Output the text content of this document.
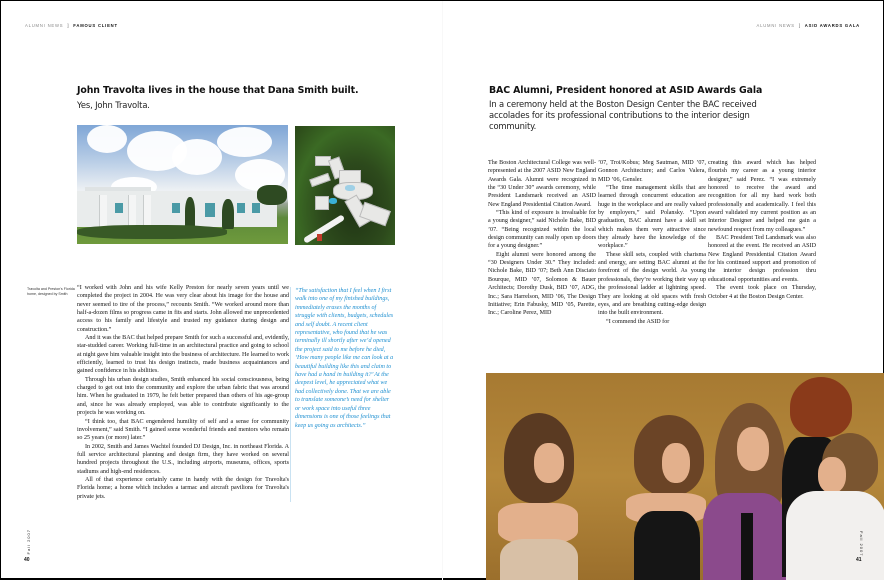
ALUMNI NEWS ] FAMOUS CLIENT
John Travolta lives in the house that Dana Smith built.
Yes, John Travolta.
Travolta and Preston's Florida home, designed by Smith

“I worked with John and his wife Kelly Preston for nearly seven years until we completed the project in 2004. He was very clear about his image for the house and never seemed to tire of the process,” recounts Smith. “We worked around more than half-a-dozen films so progress came in fits and starts. John allowed me unprecedented access to his family and lifestyle and trusted my guidance during design and construction.”

And it was the BAC that helped prepare Smith for such a successful and, evidently, star-studded career. Working full-time in an architectural practice and going to school at night gave him valuable insight into the business of architecture. He learned to work efficiently, learned to trust his design instincts, made business acquaintances and gained confidence in his abilities.

Through his urban design studies, Smith enhanced his social consciousness, being charged to get out into the community and explore the urban fabric that was around him. When he graduated in 1979, he felt better prepared than others of his age-group and, since he was already employed, was able to contribute significantly to the projects he was working on.

“I think too, that BAC engendered humility of self and a sense for community involvement,” said Smith. “I gained some wonderful friends and mentors who remain so 25 years (or more) later.”

In 2002, Smith and James Wachtel founded DJ Design, Inc. in northeast Florida. A full service architectural planning and design firm, they have worked on several hundred projects throughout the U.S., including airports, museums, offices, sports stadiums and high-end residences.

All of that experience certainly came in handy with the design for Travolta's Florida home; a home which includes a tarmac and aircraft pavilions for Travolta's private jets.

“The satisfaction that I feel when I first walk into one of my finished buildings, immediately erases the months of struggle with clients, budgets, schedules and self doubt. A recent client representative, who found that he was terminally ill shortly after we’d opened the project said to me before he died, ‘How many people like me can look at a beautiful building like this and claim to have had a hand in building it?’ At the deepest level, he appreciated what we had collectively done. That we are able to translate someone’s need for shelter or work space into useful three dimensions is one of those feelings that keep us going as architects.”
Fall 2007
40
ALUMNI NEWS ] ASID AWARDS GALA
BAC Alumni, President honored at ASID Awards Gala
In a ceremony held at the Boston Design Center the BAC received accolades for its professional contributions to the interior design community.

The Boston Architectural College was well-represented at the 2007 ASID New England Awards Gala. Alumni were recognized in the “30 Under 30” awards ceremony, while President Landsmark received an ASID New England Presidential Citation Award.

“This kind of exposure is invaluable for a young designer,” said Nichole Bake, BID ’07. “Being recognized within the local design community can really open up doors for a young designer.”

Eight alumni were honored among the “30 Designers Under 30.” They included: Nichole Bake, BID ’07; Beth Ann Disciato Bourque, MID ’07, Solomon & Bauer Architects; Dorothy Dusk, BID ’07, ADG, Inc.; Sara Harrelson, MID ’06, The Design Initiative; Erin Fabusky, MID ’05, Parette, Inc.; Caroline Perez, MID

’07, Troi/Kobus; Meg Sautman, MID ’07, Gonnon Architecture; and Carlos Valera, MID ’06, Gensler.

“The time management skills that are learned through concurrent education are huge in the workplace and are really valued by employers,” said Polansky. “Upon graduation, BAC alumni have a skill set which makes them very attractive since they already have the knowledge of the workplace.”

These skill sets, coupled with charisma and energy, are setting BAC alumni at the forefront of the design world. As young professionals, they’re working their way up the professional ladder at lightning speed. They are looking at old spaces with fresh eyes, and are breathing cutting-edge design into the built environment.

“I commend the ASID for

creating this award which has helped flourish my career as a young interior designer,” said Perez. “I was extremely honored to receive the award and recognition for all my hard work both professionally and academically. I feel this award validated my current position as an Interior Designer and helped me gain a newfound respect from my colleagues.”

BAC President Ted Landsmark was also honored at the event. He received an ASID New England Presidential Citation Award for his continued support and promotion of the interior design profession thru educational opportunities and events.

The event took place on Thursday, October 4 at the Boston Design Center.

Fall 2007
41
